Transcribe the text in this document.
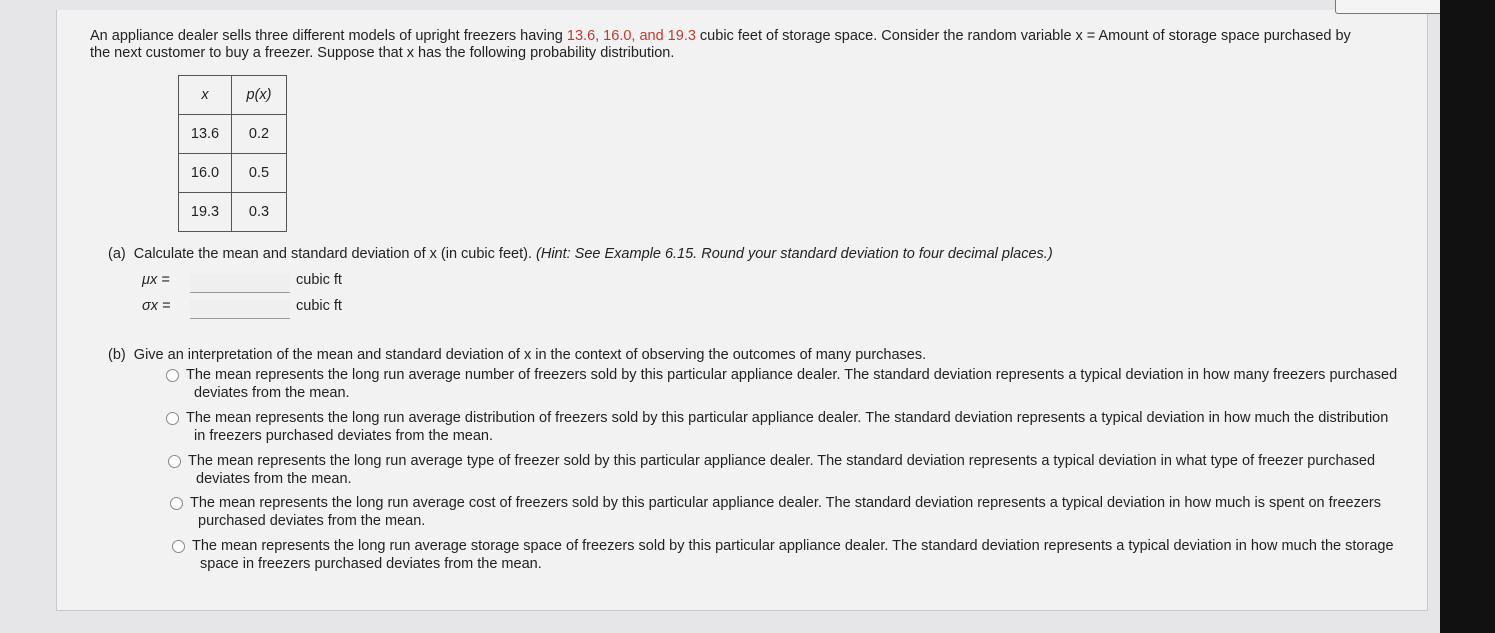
An appliance dealer sells three different models of upright freezers having 13.6, 16.0, and 19.3 cubic feet of storage space. Consider the random variable x = Amount of storage space purchased by
the next customer to buy a freezer. Suppose that x has the following probability distribution.
x	p(x)
13.6	0.2
16.0	0.5
19.3	0.3
(a) Calculate the mean and standard deviation of x (in cubic feet). (Hint: See Example 6.15. Round your standard deviation to four decimal places.)
μx =	cubic ft
σx =	cubic ft
(b) Give an interpretation of the mean and standard deviation of x in the context of observing the outcomes of many purchases.
The mean represents the long run average number of freezers sold by this particular appliance dealer. The standard deviation represents a typical deviation in how many freezers purchased
deviates from the mean.
The mean represents the long run average distribution of freezers sold by this particular appliance dealer. The standard deviation represents a typical deviation in how much the distribution
in freezers purchased deviates from the mean.
The mean represents the long run average type of freezer sold by this particular appliance dealer. The standard deviation represents a typical deviation in what type of freezer purchased
deviates from the mean.
The mean represents the long run average cost of freezers sold by this particular appliance dealer. The standard deviation represents a typical deviation in how much is spent on freezers
purchased deviates from the mean.
The mean represents the long run average storage space of freezers sold by this particular appliance dealer. The standard deviation represents a typical deviation in how much the storage
space in freezers purchased deviates from the mean.
